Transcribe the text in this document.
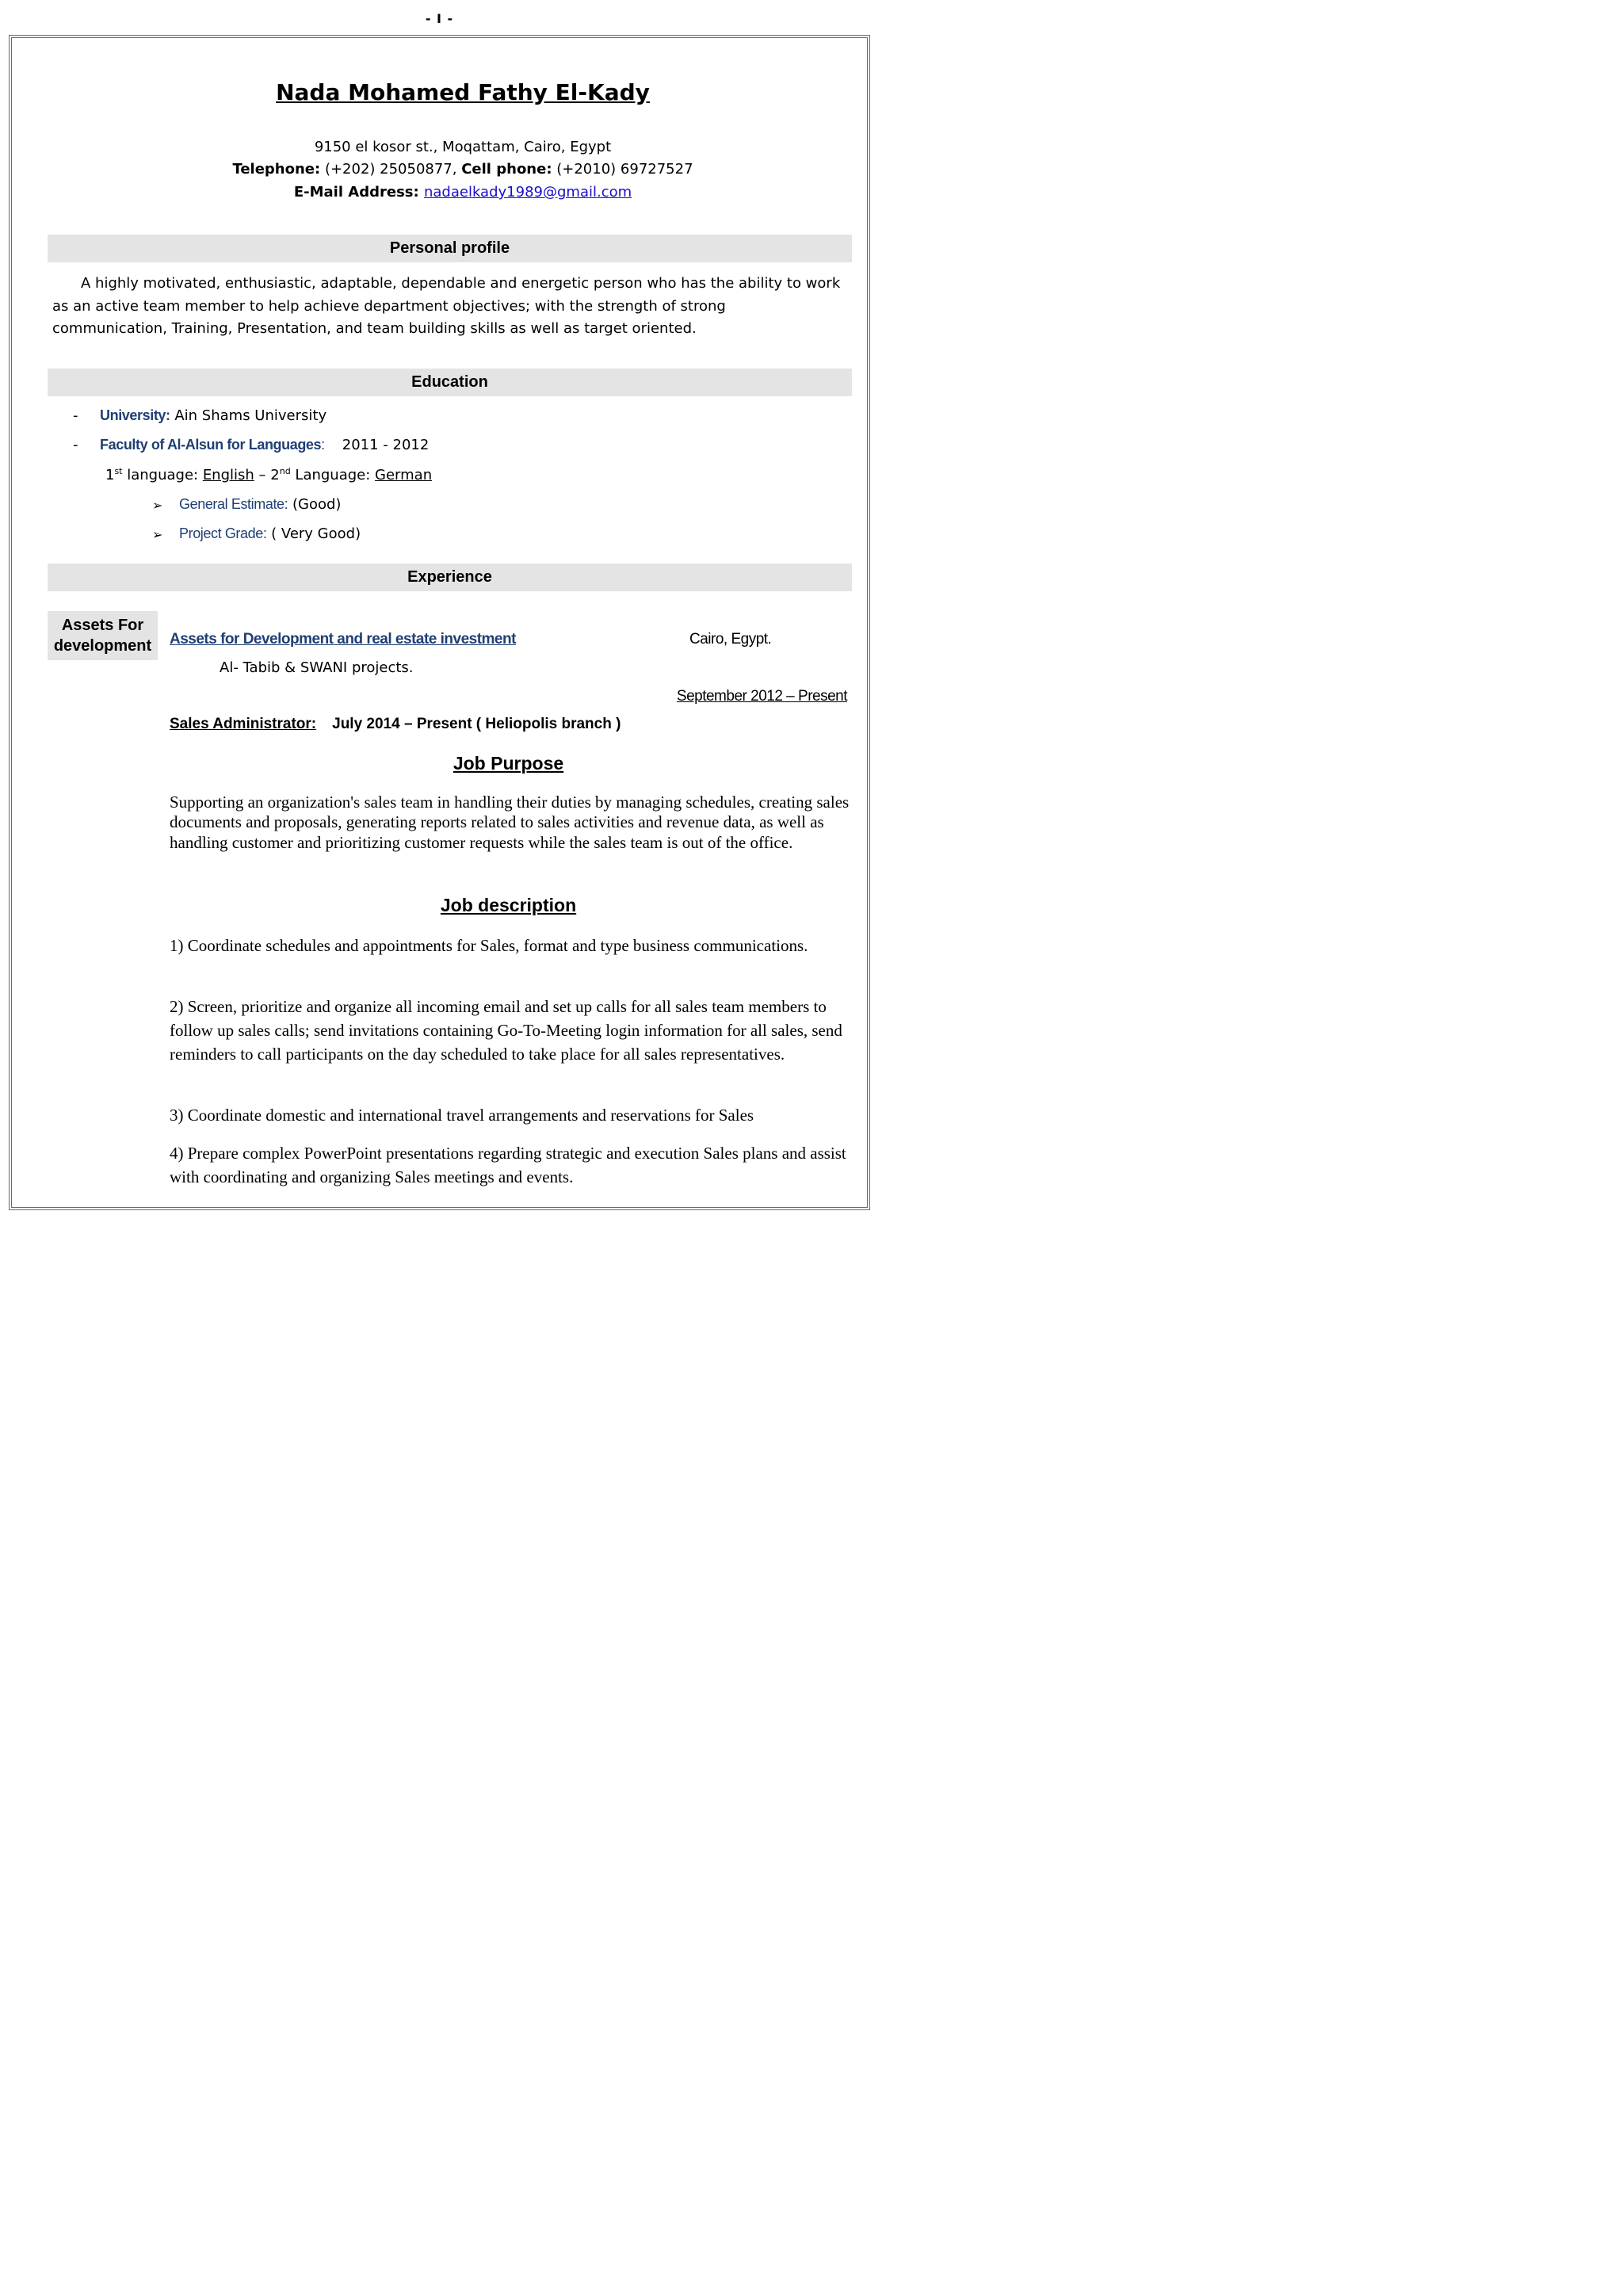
- I -
Nada Mohamed Fathy El-Kady
9150 el kosor st., Moqattam, Cairo, Egypt
Telephone: (+202) 25050877, Cell phone: (+2010) 69727527
E-Mail Address: nadaelkady1989@gmail.com
Personal profile
A highly motivated, enthusiastic, adaptable, dependable and energetic person who has the ability to work as an active team member to help achieve department objectives; with the strength of strong communication, Training, Presentation, and team building skills as well as target oriented.
Education
- University: Ain Shams University
- Faculty of Al-Alsun for Languages: 2011 - 2012
1st language: English – 2nd Language: German
➢ General Estimate: (Good)
➢ Project Grade: ( Very Good)
Experience
Assets For development	Assets for Development and real estate investment	Cairo, Egypt.
Al- Tabib & SWANI projects.
September 2012 – Present
Sales Administrator: July 2014 – Present ( Heliopolis branch )
Job Purpose
Supporting an organization's sales team in handling their duties by managing schedules, creating sales documents and proposals, generating reports related to sales activities and revenue data, as well as handling customer and prioritizing customer requests while the sales team is out of the office.
Job description
1) Coordinate schedules and appointments for Sales, format and type business communications.
2) Screen, prioritize and organize all incoming email and set up calls for all sales team members to follow up sales calls; send invitations containing Go-To-Meeting login information for all sales, send reminders to call participants on the day scheduled to take place for all sales representatives.
3) Coordinate domestic and international travel arrangements and reservations for Sales
4) Prepare complex PowerPoint presentations regarding strategic and execution Sales plans and assist with coordinating and organizing Sales meetings and events.
